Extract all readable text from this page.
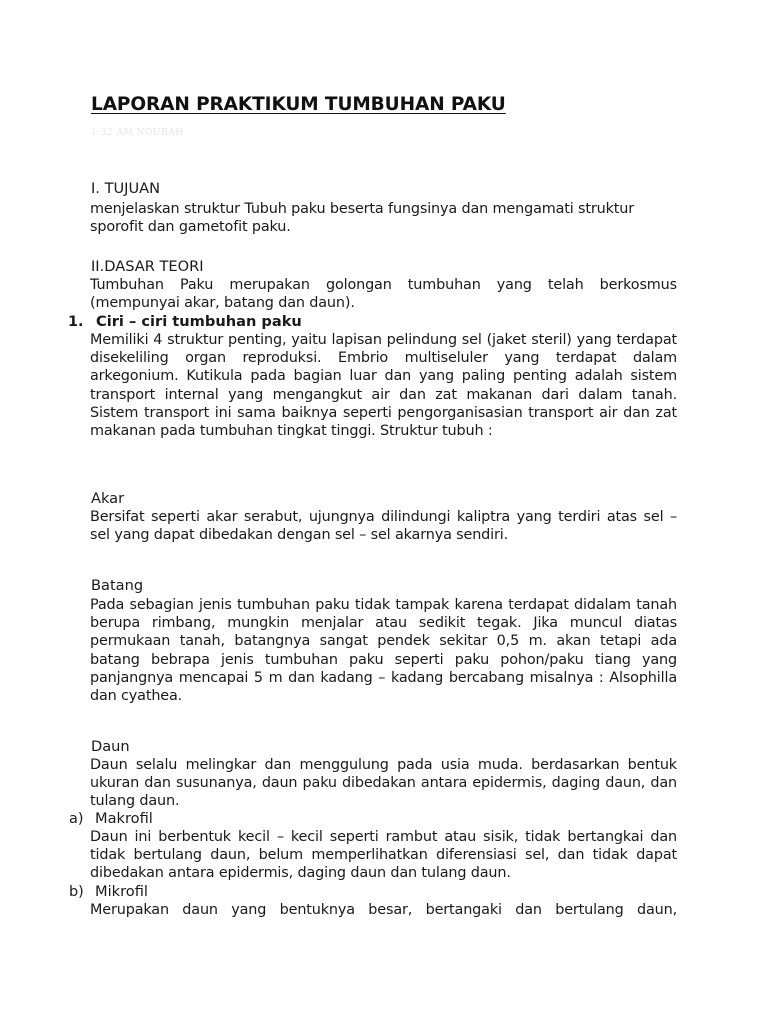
LAPORAN PRAKTIKUM TUMBUHAN PAKU
1:32 AM NOURAH
I. TUJUAN
menjelaskan struktur Tubuh paku beserta fungsinya dan mengamati struktur sporofit dan gametofit paku.
II.DASAR TEORI
Tumbuhan Paku merupakan golongan tumbuhan yang telah berkosmus (mempunyai akar, batang dan daun).
1. Ciri – ciri tumbuhan paku
Memiliki 4 struktur penting, yaitu lapisan pelindung sel (jaket steril) yang terdapat disekeliling organ reproduksi. Embrio multiseluler yang terdapat dalam arkegonium. Kutikula pada bagian luar dan yang paling penting adalah sistem transport internal yang mengangkut air dan zat makanan dari dalam tanah. Sistem transport ini sama baiknya seperti pengorganisasian transport air dan zat makanan pada tumbuhan tingkat tinggi. Struktur tubuh :
Akar
Bersifat seperti akar serabut, ujungnya dilindungi kaliptra yang terdiri atas sel – sel yang dapat dibedakan dengan sel – sel akarnya sendiri.
Batang
Pada sebagian jenis tumbuhan paku tidak tampak karena terdapat didalam tanah berupa rimbang, mungkin menjalar atau sedikit tegak. Jika muncul diatas permukaan tanah, batangnya sangat pendek sekitar 0,5 m. akan tetapi ada batang bebrapa jenis tumbuhan paku seperti paku pohon/paku tiang yang panjangnya mencapai 5 m dan kadang – kadang bercabang misalnya : Alsophilla dan cyathea.
Daun
Daun selalu melingkar dan menggulung pada usia muda. berdasarkan bentuk ukuran dan susunanya, daun paku dibedakan antara epidermis, daging daun, dan tulang daun.
a) Makrofil
Daun ini berbentuk kecil – kecil seperti rambut atau sisik, tidak bertangkai dan tidak bertulang daun, belum memperlihatkan diferensiasi sel, dan tidak dapat dibedakan antara epidermis, daging daun dan tulang daun.
b) Mikrofil
Merupakan daun yang bentuknya besar, bertangaki dan bertulang daun,
